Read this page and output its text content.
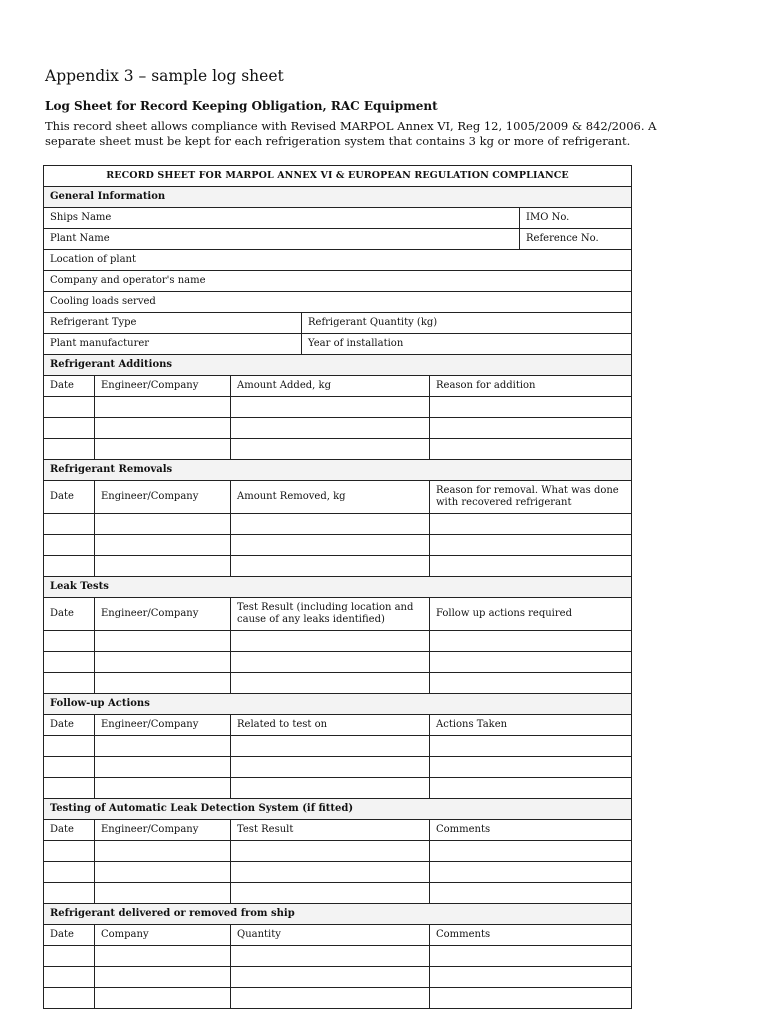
Appendix 3 – sample log sheet
Log Sheet for Record Keeping Obligation, RAC Equipment
This record sheet allows compliance with Revised MARPOL Annex VI, Reg 12, 1005/2009 & 842/2006. A
separate sheet must be kept for each refrigeration system that contains 3 kg or more of refrigerant.
RECORD SHEET FOR MARPOL ANNEX VI & EUROPEAN REGULATION COMPLIANCE					
General Information					
Ships Name					IMO No.
Plant Name					Reference No.
Location of plant					
Company and operator's name					
Cooling loads served					
Refrigerant Type			Refrigerant Quantity (kg)		
Plant manufacturer			Year of installation		
Refrigerant Additions					
Date	Engineer/Company	Amount Added, kg		Reason for addition	

Refrigerant Removals					
Date	Engineer/Company	Amount Removed, kg		Reason for removal. What was done with recovered refrigerant	

Leak Tests					
Date	Engineer/Company	Test Result (including location and cause of any leaks identified)		Follow up actions required	

Follow-up Actions					
Date	Engineer/Company	Related to test on		Actions Taken	

Testing of Automatic Leak Detection System (if fitted)					
Date	Engineer/Company	Test Result		Comments	

Refrigerant delivered or removed from ship					
Date	Company	Quantity		Comments	
